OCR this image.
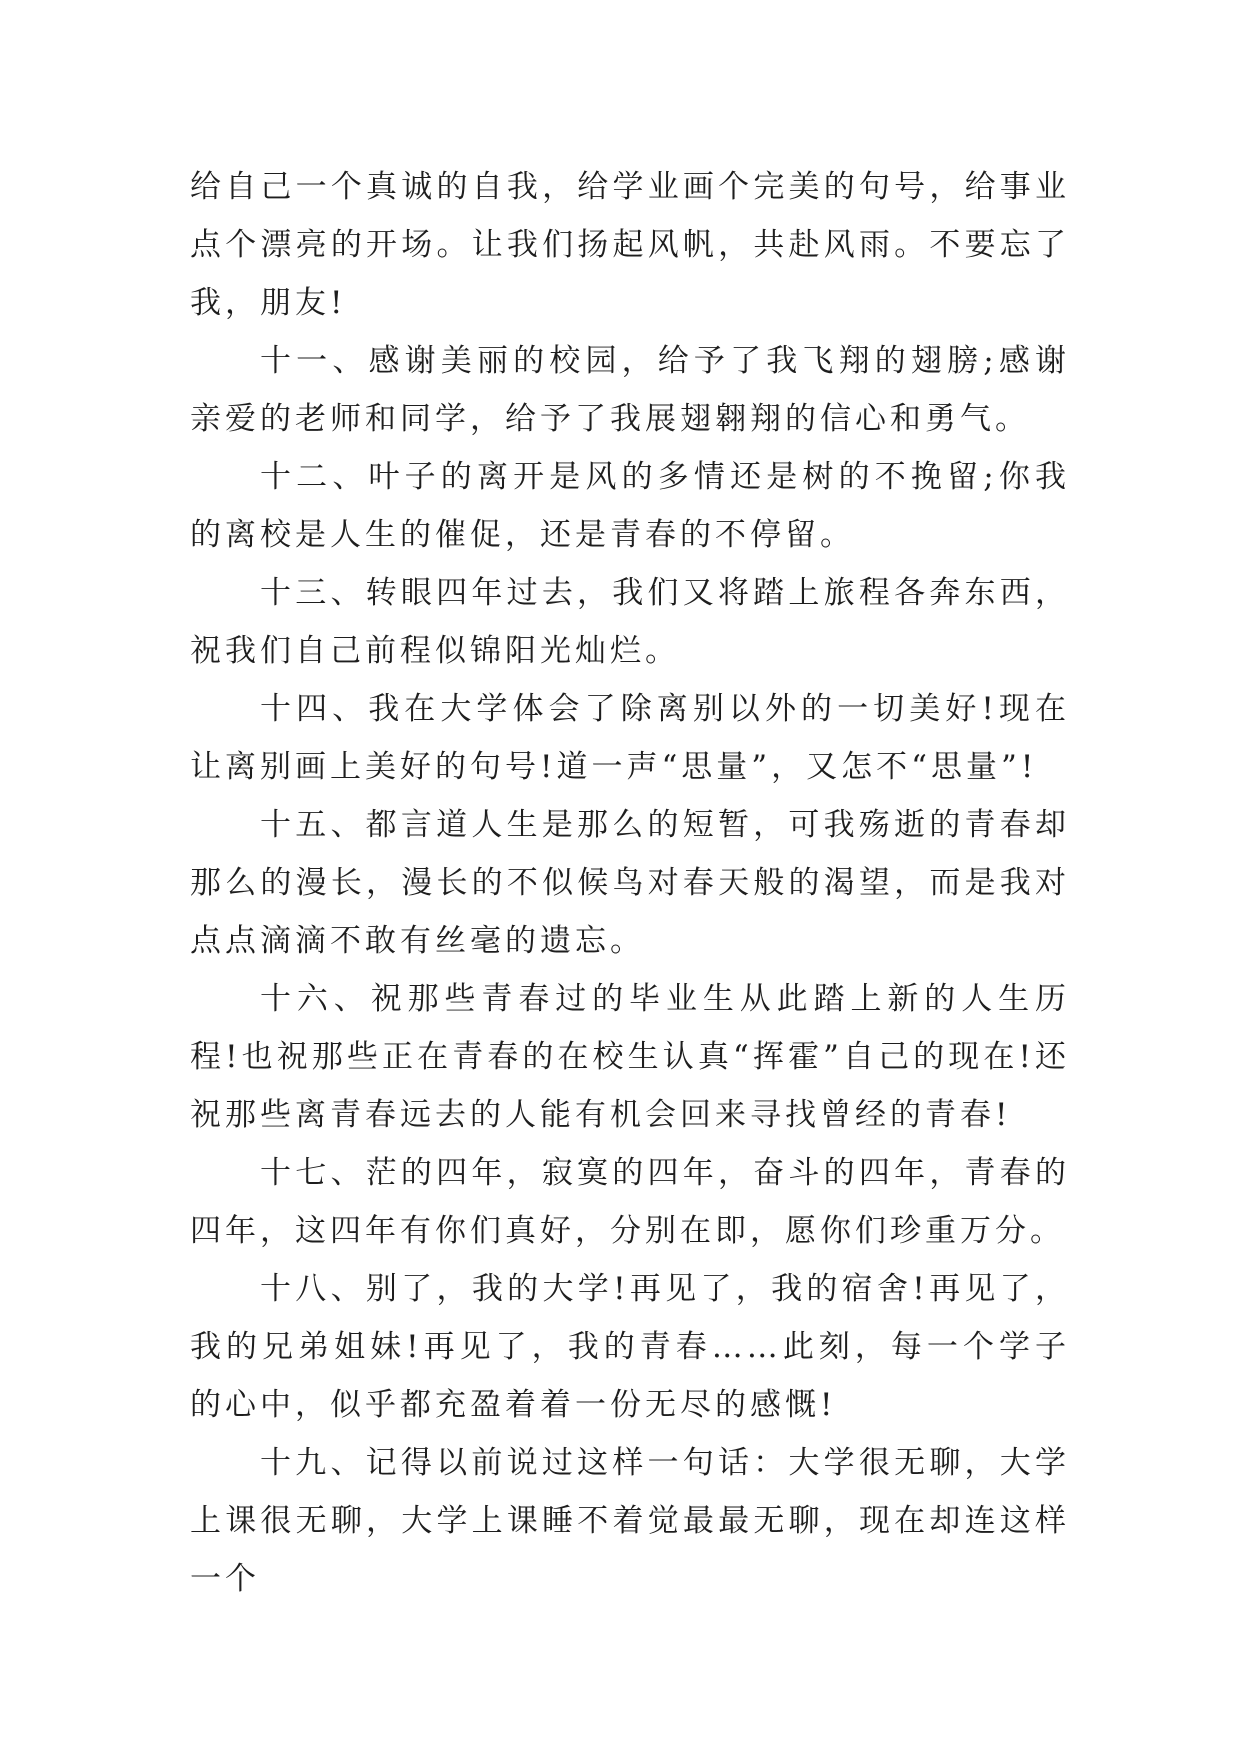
给自己一个真诚的自我，给学业画个完美的句号，给事业点个漂亮的开场。让我们扬起风帆，共赴风雨。不要忘了我，朋友!

十一、感谢美丽的校园，给予了我飞翔的翅膀;感谢亲爱的老师和同学，给予了我展翅翱翔的信心和勇气。

十二、叶子的离开是风的多情还是树的不挽留;你我的离校是人生的催促，还是青春的不停留。

十三、转眼四年过去，我们又将踏上旅程各奔东西，祝我们自己前程似锦阳光灿烂。

十四、我在大学体会了除离别以外的一切美好!现在让离别画上美好的句号!道一声“思量”，又怎不“思量”!

十五、都言道人生是那么的短暂，可我殇逝的青春却那么的漫长，漫长的不似候鸟对春天般的渴望，而是我对点点滴滴不敢有丝毫的遗忘。

十六、祝那些青春过的毕业生从此踏上新的人生历程!也祝那些正在青春的在校生认真“挥霍”自己的现在!还祝那些离青春远去的人能有机会回来寻找曾经的青春!

十七、茫的四年，寂寞的四年，奋斗的四年，青春的四年，这四年有你们真好，分别在即，愿你们珍重万分。

十八、别了，我的大学!再见了，我的宿舍!再见了，我的兄弟姐妹!再见了，我的青春……此刻，每一个学子的心中，似乎都充盈着着一份无尽的感慨!

十九、记得以前说过这样一句话：大学很无聊，大学上课很无聊，大学上课睡不着觉最最无聊，现在却连这样一个
